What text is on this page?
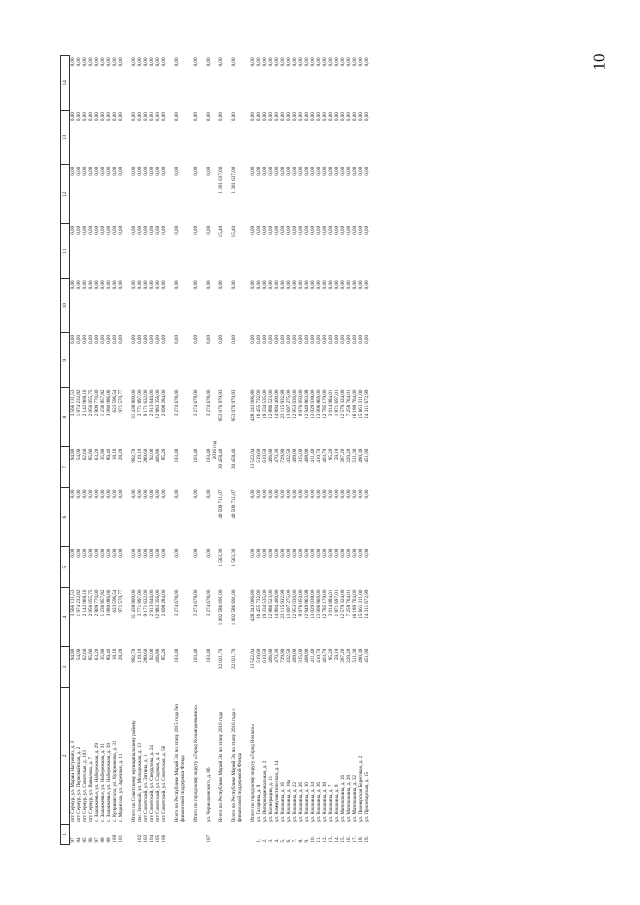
10
1	2	3	4	5	6	7	8	9	10	11	12	13	14
97	пгт Сернур, ул. Марии Нагуевич, д. 3	94,80	3 566 131,53	0,00	0,00	94,80	3 566 131,53	0,00	0,00	0,00	0,00	0,00	0,00
94	пгт Сернур, ул. Первомайская, д. 2	54,00	1 974 232,82	0,00	0,00	54,00	1 974 232,82	0,00	0,00	0,00	0,00	0,00	0,00
95	пгт Сернур, ул. Советская, д. 103	62,60	2 142 968,16	0,00	0,00	62,60	2 142 968,16	0,00	0,00	0,00	0,00	0,00	0,00
96	пгт Сернур, ул. Вавилова, д. 7	85,80	2 956 055,75	0,00	0,00	85,80	2 956 055,75	0,00	0,00	0,00	0,00	0,00	0,00
97	с. Зашижемье, ул. Набережная, д. 29	63,20	2 809 770,00	0,00	0,00	63,20	2 809 770,00	0,00	0,00	0,00	0,00	0,00	0,00
98	с. Зашижемье, ул. Набережная, д. 31	35,90	1 236 857,82	0,00	0,00	35,90	1 236 857,82	0,00	0,00	0,00	0,00	0,00	0,00
99	с. Зашижемье, ул. Набережная, д. 39	89,40	3 080 086,06	0,00	0,00	89,40	3 080 086,06	0,00	0,00	0,00	0,00	0,00	0,00
100	с. Куприянсола, ул. Куприянова, д. 31	18,10	623 596,54	0,00	0,00	18,10	623 596,54	0,00	0,00	0,00	0,00	0,00	0,00
101	с. Марисола, ул. Заречная, д. 11	28,20	971 570,77	0,00	0,00	28,20	971 570,77	0,00	0,00	0,00	0,00	0,00	0,00

	Итого по Советскому муниципальному району	992,70	31 438 809,00	0,00	0,00	992,70	31 438 809,00	0,00	0,00	0,00	0,00	0,00	0,00
102	пос. Зеленый, ул. Молодежная, д. 13	119,10	3 771 897,00	0,00	0,00	119,10	3 771 897,00	0,00	0,00	0,00	0,00	0,00	0,00
103	пгт Советский, ул. Энтина, д. 1	289,60	9 171 632,00	0,00	0,00	289,60	9 171 632,00	0,00	0,00	0,00	0,00	0,00	0,00
104	пгт Советский, ул. Свердлова, д. 24	92,00	2 913 640,00	0,00	0,00	92,00	2 913 640,00	0,00	0,00	0,00	0,00	0,00	0,00
105	пгт Советский, ул. Садовая, д. 4	406,80	12 883 356,00	0,00	0,00	406,80	12 883 356,00	0,00	0,00	0,00	0,00	0,00	0,00
106	пгт Советский, ул. Советская, д. 56	85,20	2 698 284,00	0,00	0,00	85,20	2 698 284,00	0,00	0,00	0,00	0,00	0,00	0,00

	Всего по Республике Марий Эл по этапу 2015 года без финансовой поддержки Фонда	103,40	3 274 678,00	0,00	0,00	103,40	3 274 678,00	0,00	0,00	0,00	0,00	0,00	0,00

	Итого по городскому округу «Город Козьмодемьянск»	103,40	3 274 678,00	0,00	0,00	103,40	3 274 678,00	0,00	0,00	0,00	0,00	0,00	0,00

107	ул. Чернышевского, д. 86	103,40	3 274 678,00	0,00	0,00	103,40	3 274 678,00	0,00	0,00	0,00	0,00	0,00	0,00
2016 год													
	Всего по Республике Марий Эл по этапу 2016 года	32 021,70	1 002 586 691,00	1 563,30	49 509 711,07	30 458,40	953 076 979,93	0,00	0,00	15,40	1 301 637,00	0,00	0,00

	Всего по Республике Марий Эл по этапу 2016 года с финансовой поддержкой Фонда	32 021,70	1 002 586 691,00	1 563,30	49 509 711,07	30 458,40	953 076 979,93	0,00	0,00	15,40	1 301 637,00	0,00	0,00

	Итого по городскому округу «Город Волжск»	13 522,04	428 243 006,80	0,00	0,00	13 522,04	428 243 006,80	0,00	0,00	0,00	0,00	0,00	0,00
1.	ул. Гагарина, д. 9	519,60	16 455 732,00	0,00	0,00	519,60	16 455 732,00	0,00	0,00	0,00	0,00	0,00	0,00
2.	ул. Интернациональная, д. 2	610,50	19 334 535,00	0,00	0,00	610,50	19 334 535,00	0,00	0,00	0,00	0,00	0,00	0,00
3.	ул. Кооперации, д. 11	406,90	12 886 523,00	0,00	0,00	406,90	12 886 523,00	0,00	0,00	0,00	0,00	0,00	0,00
4.	ул. Коммунистическая, д. 14	470,30	14 894 400,99	0,00	0,00	470,30	14 894 400,99	0,00	0,00	0,00	0,00	0,00	0,00
5.	ул. Кошкина, д. 16	729,90	23 115 932,99	0,00	0,00	729,90	23 115 932,99	0,00	0,00	0,00	0,00	0,00	0,00
6.	ул. Кошкина, д. 18а	432,50	13 697 275,00	0,00	0,00	432,50	13 697 275,00	0,00	0,00	0,00	0,00	0,00	0,00
7.	ул. Кошкина, д. 22	409,00	12 953 030,00	0,00	0,00	409,00	12 953 030,00	0,00	0,00	0,00	0,00	0,00	0,00
8.	ул. Кошкина, д. 26	315,00	9 976 050,00	0,00	0,00	315,00	9 976 050,00	0,00	0,00	0,00	0,00	0,00	0,00
9.	ул. Кошкина, д. 30	408,90	12 949 863,98	0,00	0,00	408,90	12 949 863,98	0,00	0,00	0,00	0,00	0,00	0,00
10.	ул. Кошкина, д. 34	411,40	13 029 038,00	0,00	0,00	411,40	13 029 038,00	0,00	0,00	0,00	0,00	0,00	0,00
11.	ул. Кошкина, д. 36	410,70	13 006 869,00	0,00	0,00	410,70	13 006 869,00	0,00	0,00	0,00	0,00	0,00	0,00
12.	ул. Кошкина, д. 38	403,70	12 785 179,00	0,00	0,00	403,70	12 785 179,00	0,00	0,00	0,00	0,00	0,00	0,00
13.	ул. Кошкина, д. 7	95,20	3 014 984,01	0,00	0,00	95,20	3 014 984,01	0,00	0,00	0,00	0,00	0,00	0,00
14.	ул. Кошкина, д. 9	59,10	1 871 697,01	0,00	0,00	59,10	1 871 697,01	0,00	0,00	0,00	0,00	0,00	0,00
15.	ул. Матюшкина, д. 16	397,20	12 579 324,00	0,00	0,00	397,20	12 579 324,00	0,00	0,00	0,00	0,00	0,00	0,00
16.	ул. Матюшкина, д. 28	229,20	7 258 764,01	0,00	0,00	229,20	7 258 764,01	0,00	0,00	0,00	0,00	0,00	0,00
17.	ул. Матюшкина, д. 32	511,30	16 189 764,00	0,00	0,00	511,30	16 189 764,00	0,00	0,00	0,00	0,00	0,00	0,00
18.	ул. Пионерская Береговая, д. 2	490,30	15 661 311,00	0,00	0,00	490,30	15 661 311,00	0,00	0,00	0,00	0,00	0,00	0,00
19.	ул. Пролетарская, д. 15	451,90	14 311 672,99	0,00	0,00	451,90	14 311 672,99	0,00	0,00	0,00	0,00	0,00	0,00
